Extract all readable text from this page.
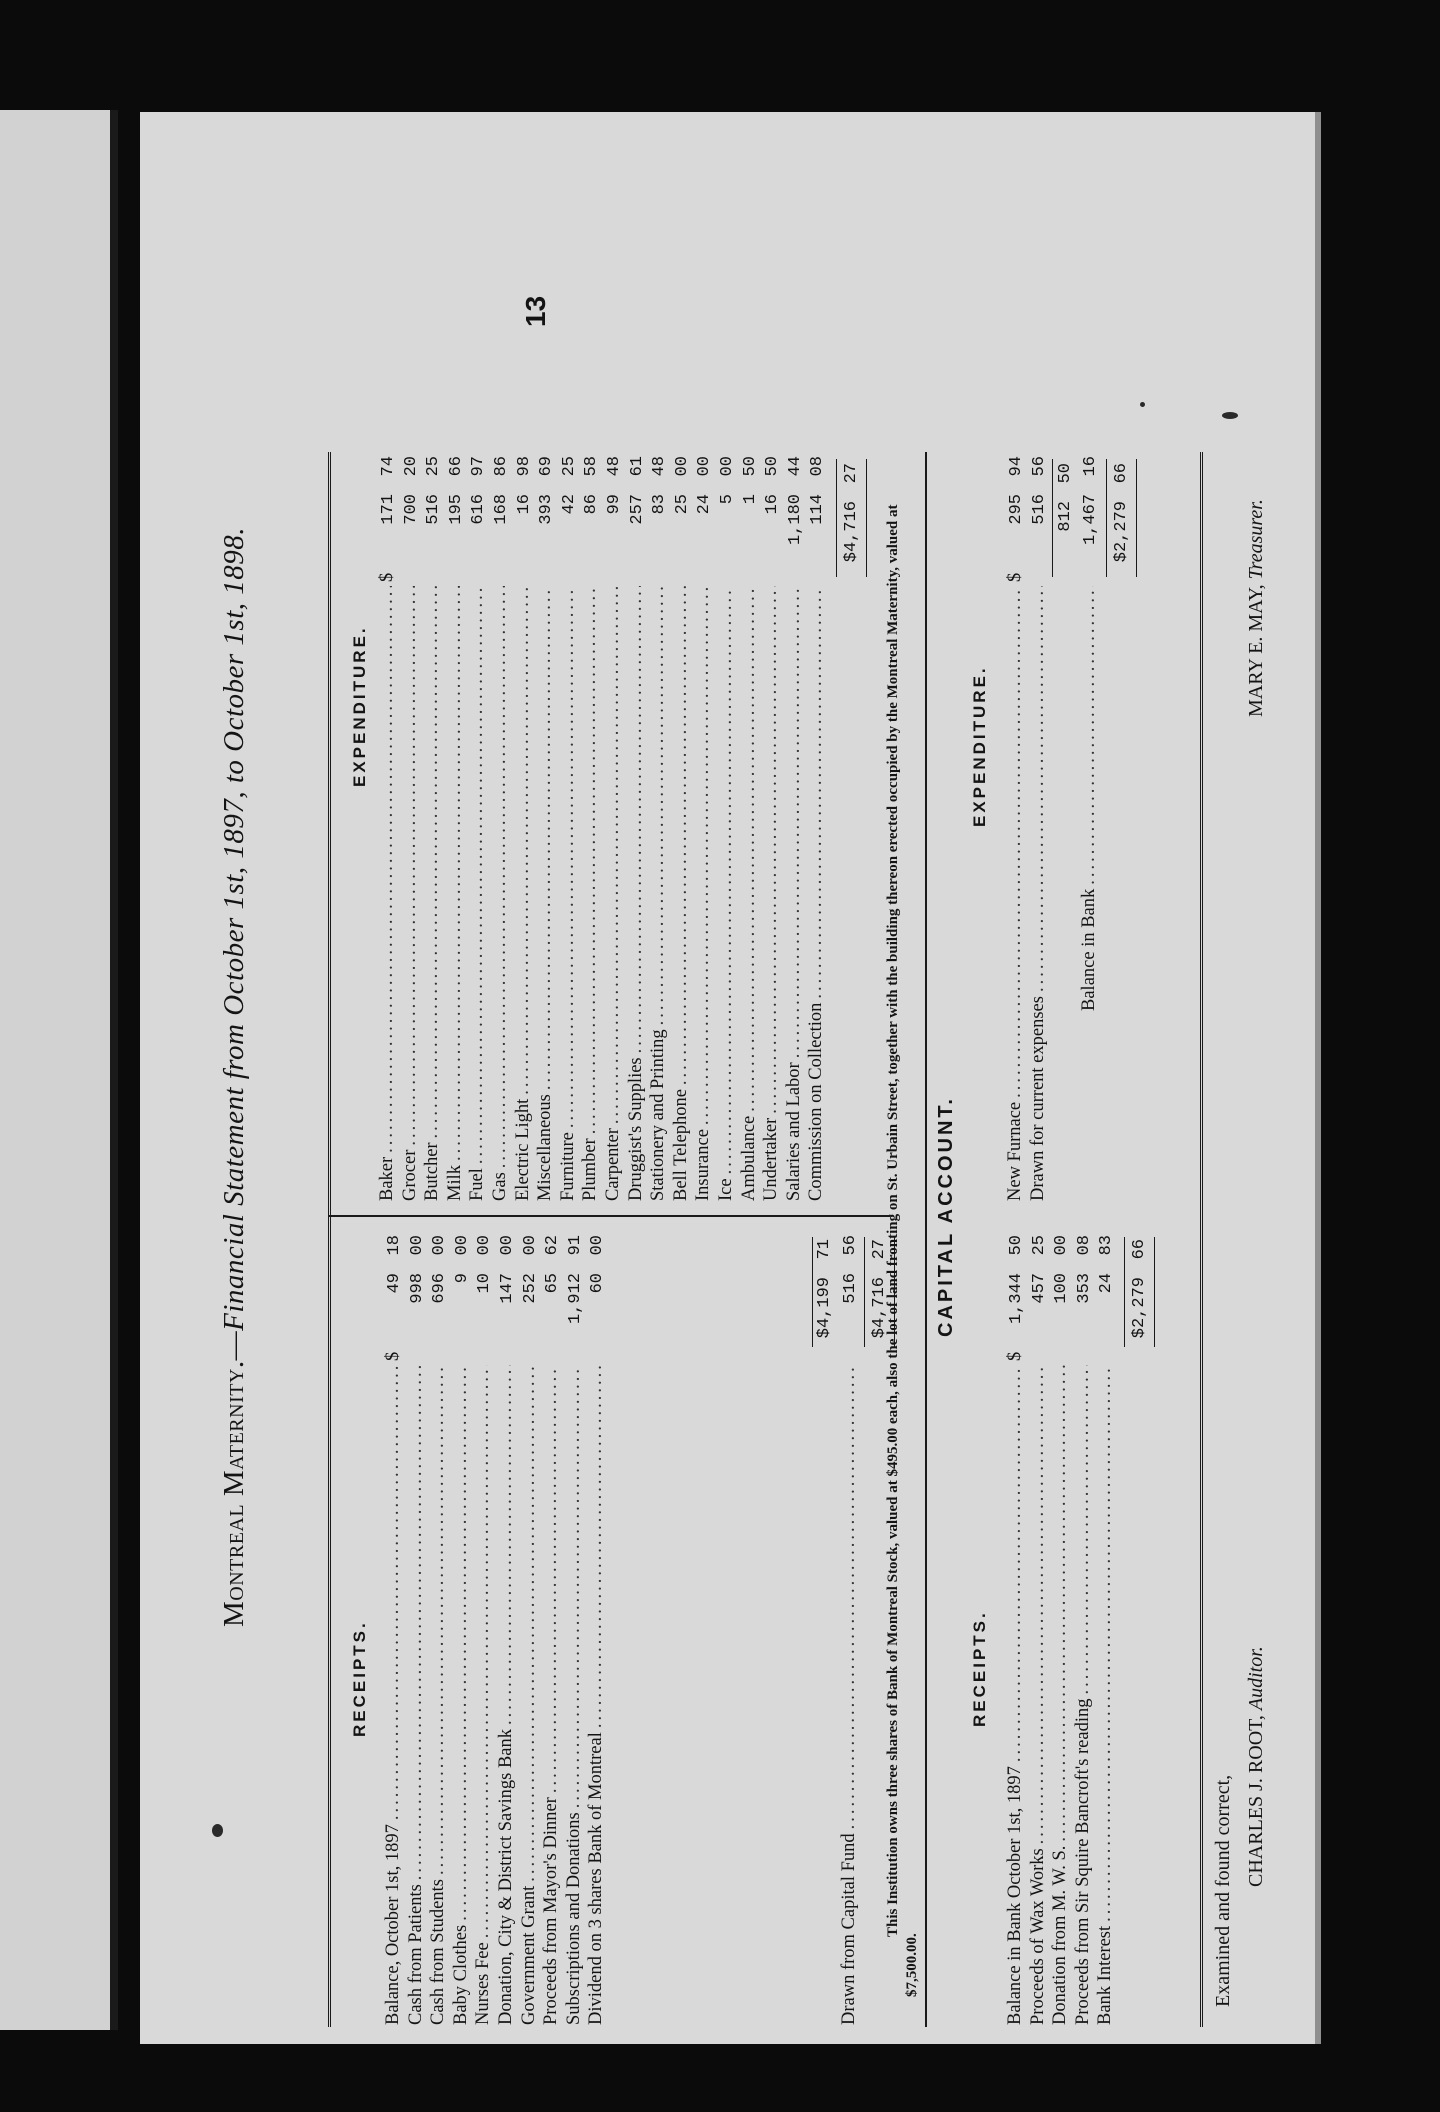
Montreal Maternity.—Financial Statement from October 1st, 1897, to October 1st, 1898.
13
RECEIPTS.
Balance, October 1st, 1897
.....
$
4918
Cash from Patients
.....
99800
Cash from Students
.....
69600
Baby Clothes
.....
900
Nurses Fee
.....
1000
Donation, City & District Savings Bank
.....
14700
Government Grant
.....
25200
Proceeds from Mayor's Dinner
.....
6562
Subscriptions and Donations
.....
1,91291
Dividend on 3 shares Bank of Montreal
.....
6000
$4,19971
Drawn from Capital Fund
.....
51656
$4,71627
EXPENDITURE.
Baker
.....
$
17174
Grocer
.....
70020
Butcher
.....
51625
Milk
.....
19566
Fuel
.....
61697
Gas
.....
16886
Electric Light
.....
1698
Miscellaneous
.....
39369
Furniture
.....
4225
Plumber
.....
8658
Carpenter
.....
9948
Druggist's Supplies
.....
25761
Stationery and Printing
.....
8348
Bell Telephone
.....
2500
Insurance
.....
2400
Ice
.....
500
Ambulance
.....
150
Undertaker
.....
1650
Salaries and Labor
.....
1,18044
Commission on Collection
.....
11408
$4,71627
This Institution owns three shares of Bank of Montreal Stock, valued at $495.00 each, also the lot of land fronting on St. Urbain Street, together with the building thereon erected occupied by the Montreal Maternity, valued at $7,500.00.
CAPITAL ACCOUNT.
RECEIPTS.
Balance in Bank October 1st, 1897
.....
$
1,34450
Proceeds of Wax Works
.....
45725
Donation from M. W. S.
.....
10000
Proceeds from Sir Squire Bancroft's reading
.....
35308
Bank Interest
.....
2483
$2,27966
EXPENDITURE.
New Furnace
.....
$
29594
Drawn for current expenses
.....
51656
81250
Balance in Bank
.....
1,46716
$2,27966
Examined and found correct, CHARLES J. ROOT, Auditor.
MARY E. MAY, Treasurer.
